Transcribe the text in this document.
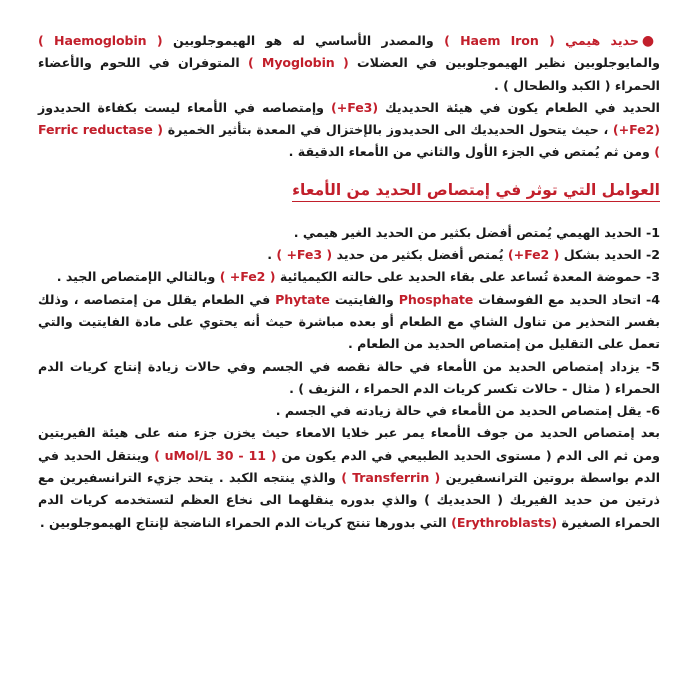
●حديد هيمي ( Haem Iron ) والمصدر الأساسي له هو الهيموجلوبين ( Haemoglobin ) والمايوجلوبين نظير الهيموجلوبين في العضلات ( Myoglobin ) المتوفران في اللحوم والأعضاء الحمراء ( الكبد والطحال ) .

الحديد في الطعام يكون في هيئة الحديديك (Fe3+) وإمتصاصه في الأمعاء ليست بكفاءة الحديدوز (Fe2+) ، حيث يتحول الحديديك الى الحديدوز بالإختزال في المعدة بتأثير الخميرة ( Ferric reductase ) ومن ثم يُمتص في الجزء الأول والثاني من الأمعاء الدقيقة .

العوامل التي توثر في إمتصاص الحديد من الأمعاء
1- الحديد الهيمي يُمتص أفضل بكثير من الحديد الغير هيمي .
2- الحديد بشكل ( Fe2+) يُمتص أفضل بكثير من حديد ( Fe3+ ) .
3- حموضة المعدة تُساعد على بقاء الحديد على حالته الكيميائية ( Fe2+ ) وبالتالي الإمتصاص الجيد .
4- اتحاد الحديد مع الفوسفات Phosphate والفايتيت Phytate في الطعام يقلل من إمتصاصه ، وذلك بفسر التحذير من تناول الشاي مع الطعام أو بعده مباشرة حيث أنه يحتوي على مادة الفايتيت والتي تعمل على التقليل من إمتصاص الحديد من الطعام .
5- يزداد إمتصاص الحديد من الأمعاء في حالة نقصه في الجسم وفي حالات زيادة إنتاج كريات الدم الحمراء ( مثال - حالات تكسر كريات الدم الحمراء ، النزيف ) .
6- يقل إمتصاص الحديد من الأمعاء في حالة زيادته في الجسم .

بعد إمتصاص الحديد من جوف الأمعاء يمر عبر خلايا الامعاء حيث يخزن جزء منه على هيئة الفيريتين ومن ثم الى الدم ( مستوى الحديد الطبيعي في الدم يكون من ( 11 - 30 uMol/L ) وينتقل الحديد في الدم بواسطة بروتين الترانسفيرين ( Transferrin ) والذي ينتجه الكبد . يتحد جزيء الترانسفيرين مع ذرتين من حديد الفيريك ( الحديديك ) والذي بدوره ينقلهما الى نخاع العظم لتستخدمه كريات الدم الحمراء الصغيرة (Erythroblasts) التي بدورها تنتج كريات الدم الحمراء الناضجة لإنتاج الهيموجلوبين .
